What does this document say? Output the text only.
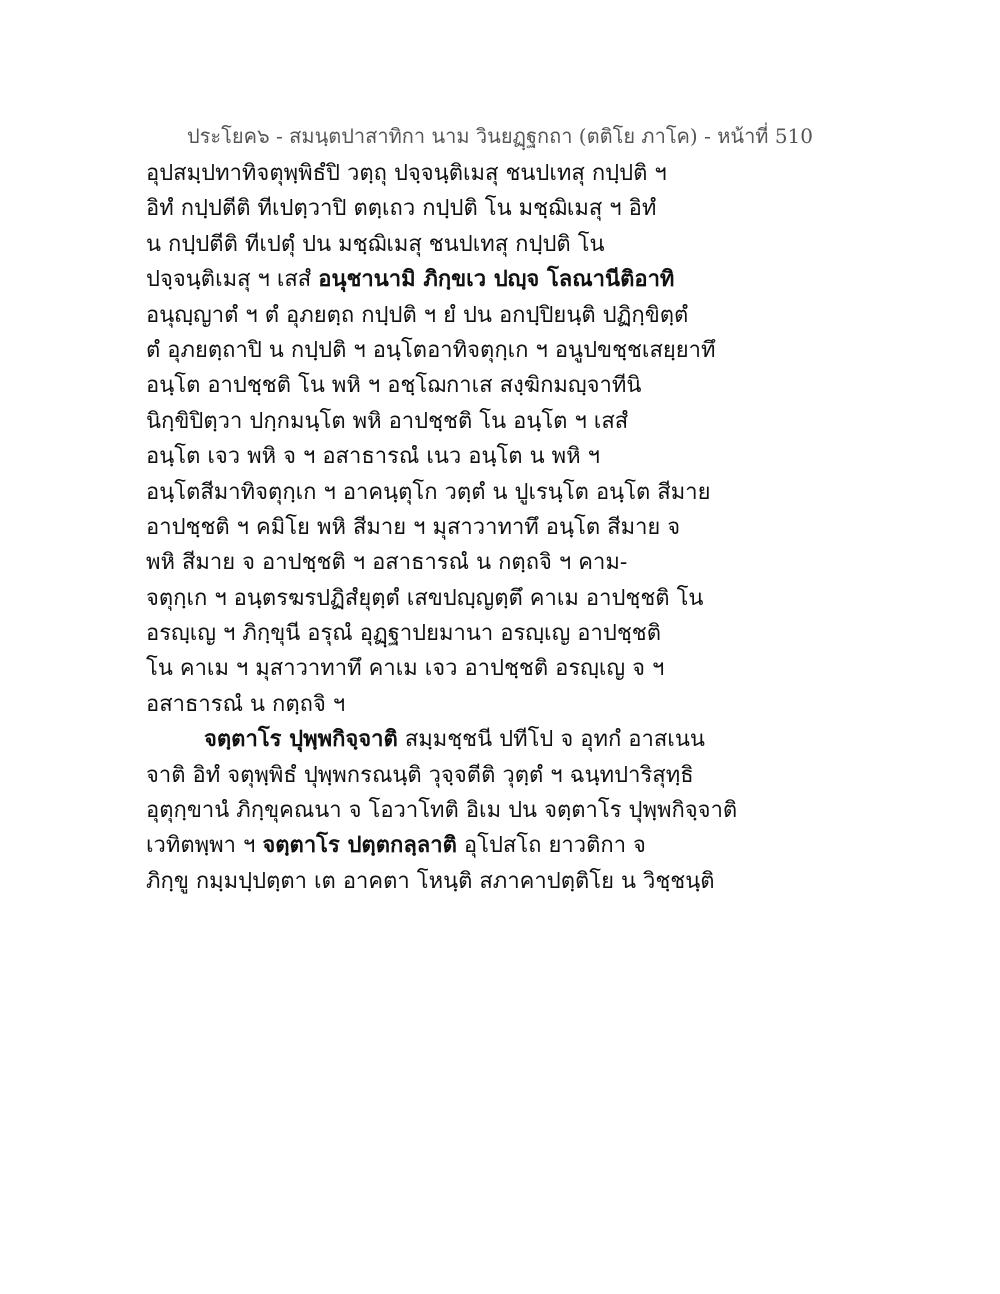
ประโยค๖ - สมนฺตปาสาทิกา นาม วินยฏฺฐกถา (ตติโย ภาโค) - หน้าที่ 510
อุปสมฺปทาทิจตุพฺพิธํปิ วตฺถุ ปจฺจนฺติเมสุ ชนปเทสุ กปฺปติ ฯ
อิทํ กปฺปตีติ ทีเปตฺวาปิ ตตฺเถว กปฺปติ โน มชฺฌิเมสุ ฯ อิทํ
น กปฺปตีติ ทีเปตุํ ปน มชฺฌิเมสุ ชนปเทสุ กปฺปติ โน
ปจฺจนฺติเมสุ ฯ เสสํ อนุชานามิ ภิกฺขเว ปญฺจ โลณานีติอาทิ
อนุญฺญาตํ ฯ ตํ อุภยตฺถ กปฺปติ ฯ ยํ ปน อกปฺปิยนฺติ ปฏิกฺขิตฺตํ
ตํ อุภยตฺถาปิ น กปฺปติ ฯ อนฺโตอาทิจตุกฺเก ฯ อนูปขชฺชเสยฺยาทึ
อนฺโต อาปชฺชติ โน พหิ ฯ อชฺโฌกาเส สงฺฆิกมญฺจาทีนิ
นิกฺขิปิตฺวา ปกฺกมนฺโต พหิ อาปชฺชติ โน อนฺโต ฯ เสสํ
อนฺโต เจว พหิ จ ฯ อสาธารณํ เนว อนฺโต น พหิ ฯ
อนฺโตสีมาทิจตุกฺเก ฯ อาคนฺตุโก วตฺตํ น ปูเรนฺโต อนฺโต สีมาย
อาปชฺชติ ฯ คมิโย พหิ สีมาย ฯ มุสาวาทาทึ อนฺโต สีมาย จ
พหิ สีมาย จ อาปชฺชติ ฯ อสาธารณํ น กตฺถจิ ฯ คาม-
จตุกฺเก ฯ อนฺตรฆรปฏิสํยุตฺตํ เสขปญฺญตฺตึ คาเม อาปชฺชติ โน
อรญฺเญ ฯ ภิกฺขุนี อรุณํ อุฏฺฐาปยมานา อรญฺเญ อาปชฺชติ
โน คาเม ฯ มุสาวาทาทึ คาเม เจว อาปชฺชติ อรญฺเญ จ ฯ
อสาธารณํ น กตฺถจิ ฯ
จตฺตาโร ปุพฺพกิจฺจาติ สมฺมชฺชนี ปทีโป จ อุทกํ อาสเนน
จาติ อิทํ จตุพฺพิธํ ปุพฺพกรณนฺติ วุจฺจตีติ วุตฺตํ ฯ ฉนฺทปาริสุทฺธิ
อุตุกฺขานํ ภิกฺขุคณนา จ โอวาโทติ อิเม ปน จตฺตาโร ปุพฺพกิจฺจาติ
เวทิตพฺพา ฯ จตฺตาโร ปตฺตกลฺลาติ อุโปสโถ ยาวติกา จ
ภิกฺขู กมฺมปฺปตฺตา เต อาคตา โหนฺติ สภาคาปตฺติโย น วิชฺชนฺติ
